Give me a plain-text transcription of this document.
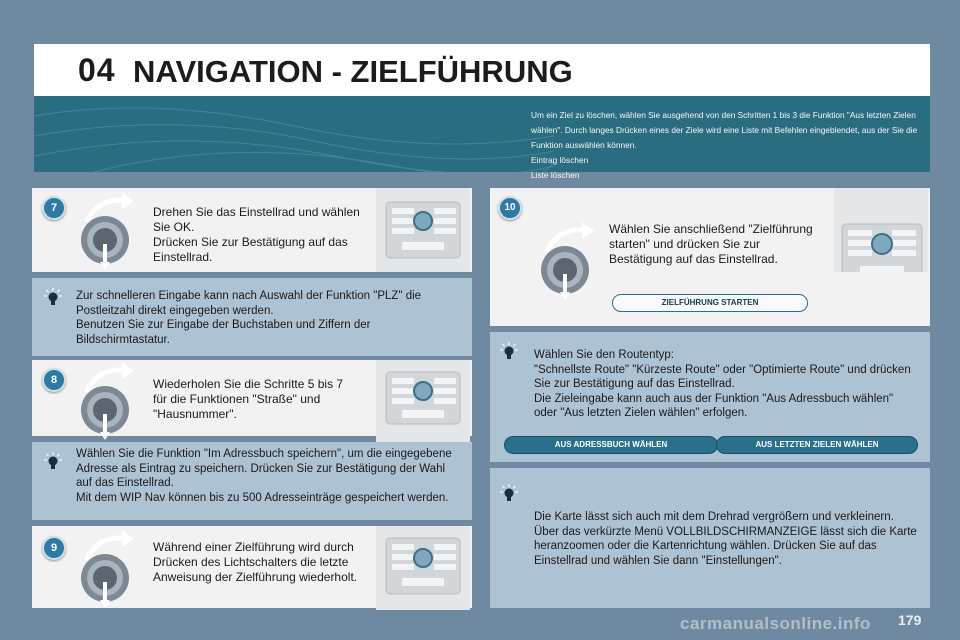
04 NAVIGATION - ZIELFÜHRUNG
Um ein Ziel zu löschen, wählen Sie ausgehend von den Schritten 1 bis 3 die Funktion "Aus letzten Zielen wählen". Durch langes Drücken eines der Ziele wird eine Liste mit Befehlen eingeblendet, aus der Sie die Funktion auswählen können.
Eintrag löschen
Liste löschen
7	Drehen Sie das Einstellrad und wählen Sie OK.
Drücken Sie zur Bestätigung auf das Einstellrad.
Zur schnelleren Eingabe kann nach Auswahl der Funktion "PLZ" die Postleitzahl direkt eingegeben werden.
Benutzen Sie zur Eingabe der Buchstaben und Ziffern der Bildschirmtastatur.
8	Wiederholen Sie die Schritte 5 bis 7 für die Funktionen "Straße" und "Hausnummer".
Wählen Sie die Funktion "Im Adressbuch speichern", um die eingegebene Adresse als Eintrag zu speichern. Drücken Sie zur Bestätigung der Wahl auf das Einstellrad.
Mit dem WIP Nav können bis zu 500 Adresseinträge gespeichert werden.
9	Während einer Zielführung wird durch Drücken des Lichtschalters die letzte Anweisung der Zielführung wiederholt.
10
Wählen Sie anschließend "Zielführung starten" und drücken Sie zur Bestätigung auf das Einstellrad.
ZIELFÜHRUNG STARTEN
Wählen Sie den Routentyp:
"Schnellste Route" "Kürzeste Route" oder "Optimierte Route" und drücken Sie zur Bestätigung auf das Einstellrad.
Die Zieleingabe kann auch aus der Funktion "Aus Adressbuch wählen" oder "Aus letzten Zielen wählen" erfolgen.
AUS ADRESSBUCH WÄHLEN	AUS LETZTEN ZIELEN WÄHLEN
Die Karte lässt sich auch mit dem Drehrad vergrößern und verkleinern. Über das verkürzte Menü VOLLBILDSCHIRMANZEIGE lässt sich die Karte heranzoomen oder die Kartenrichtung wählen. Drücken Sie auf das Einstellrad und wählen Sie dann "Einstellungen".
carmanualsonline.info 179
